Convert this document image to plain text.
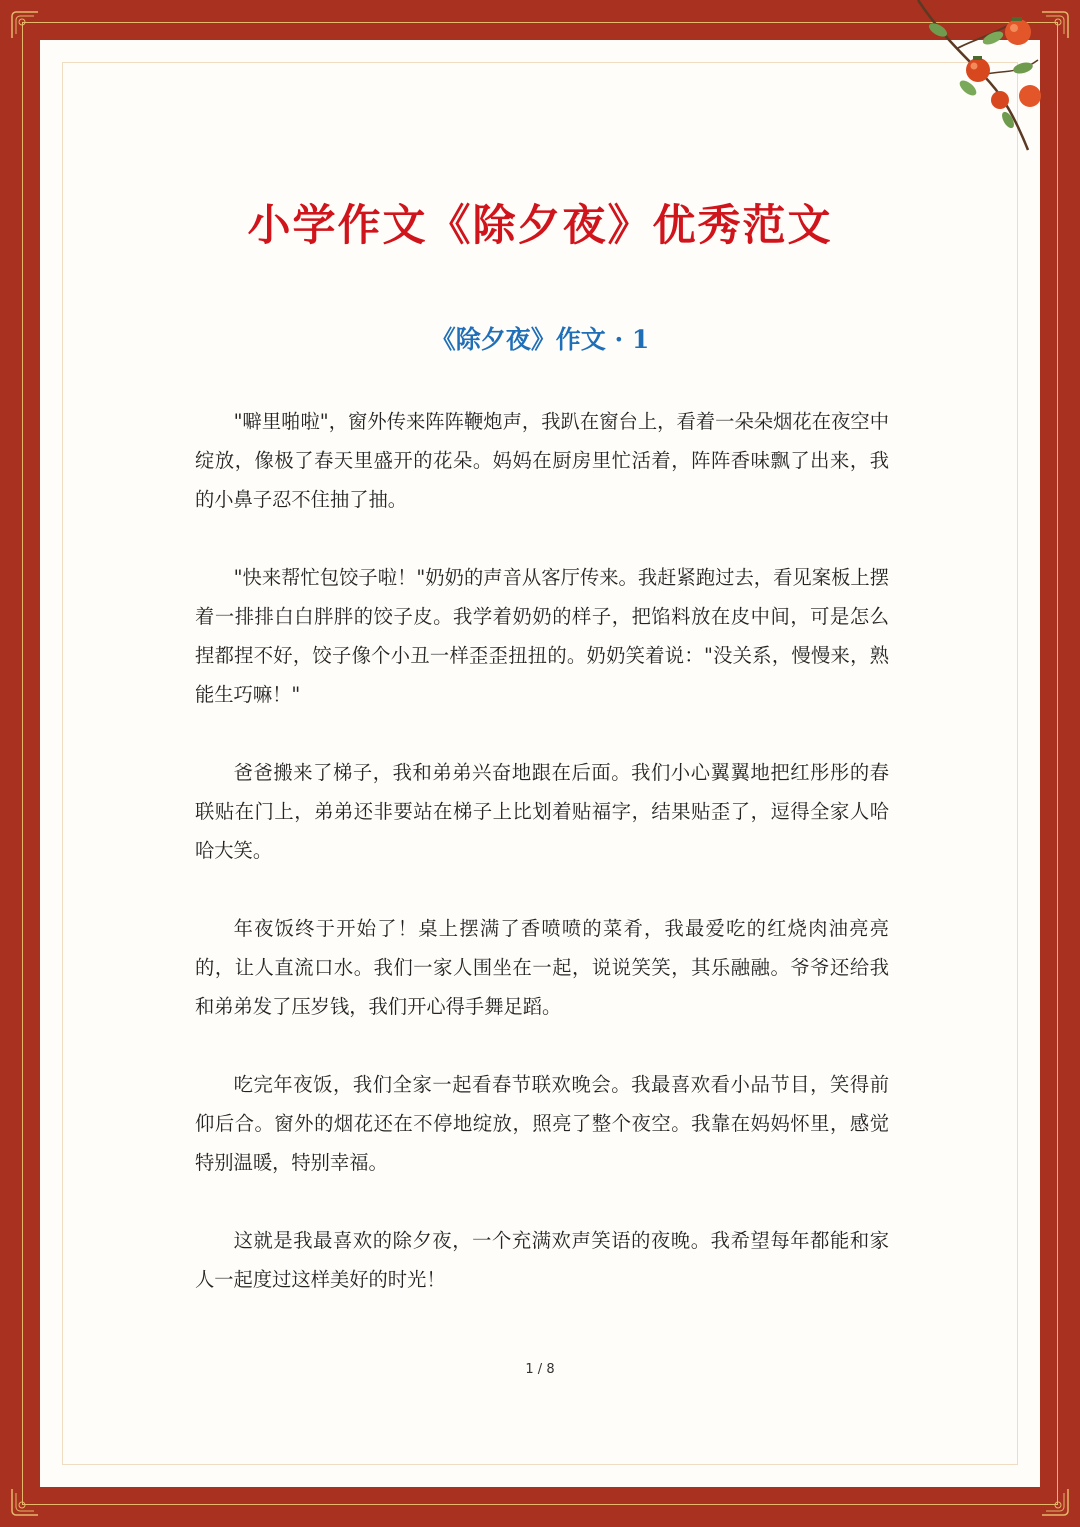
小学作文《除夕夜》优秀范文
《除夕夜》作文 · 1

"噼里啪啦"，窗外传来阵阵鞭炮声，我趴在窗台上，看着一朵朵烟花在夜空中绽放，像极了春天里盛开的花朵。妈妈在厨房里忙活着，阵阵香味飘了出来，我的小鼻子忍不住抽了抽。

"快来帮忙包饺子啦！"奶奶的声音从客厅传来。我赶紧跑过去，看见案板上摆着一排排白白胖胖的饺子皮。我学着奶奶的样子，把馅料放在皮中间，可是怎么捏都捏不好，饺子像个小丑一样歪歪扭扭的。奶奶笑着说："没关系，慢慢来，熟能生巧嘛！"

爸爸搬来了梯子，我和弟弟兴奋地跟在后面。我们小心翼翼地把红彤彤的春联贴在门上，弟弟还非要站在梯子上比划着贴福字，结果贴歪了，逗得全家人哈哈大笑。

年夜饭终于开始了！桌上摆满了香喷喷的菜肴，我最爱吃的红烧肉油亮亮的，让人直流口水。我们一家人围坐在一起，说说笑笑，其乐融融。爷爷还给我和弟弟发了压岁钱，我们开心得手舞足蹈。

吃完年夜饭，我们全家一起看春节联欢晚会。我最喜欢看小品节目，笑得前仰后合。窗外的烟花还在不停地绽放，照亮了整个夜空。我靠在妈妈怀里，感觉特别温暖，特别幸福。

这就是我最喜欢的除夕夜，一个充满欢声笑语的夜晚。我希望每年都能和家人一起度过这样美好的时光！

1 / 8
